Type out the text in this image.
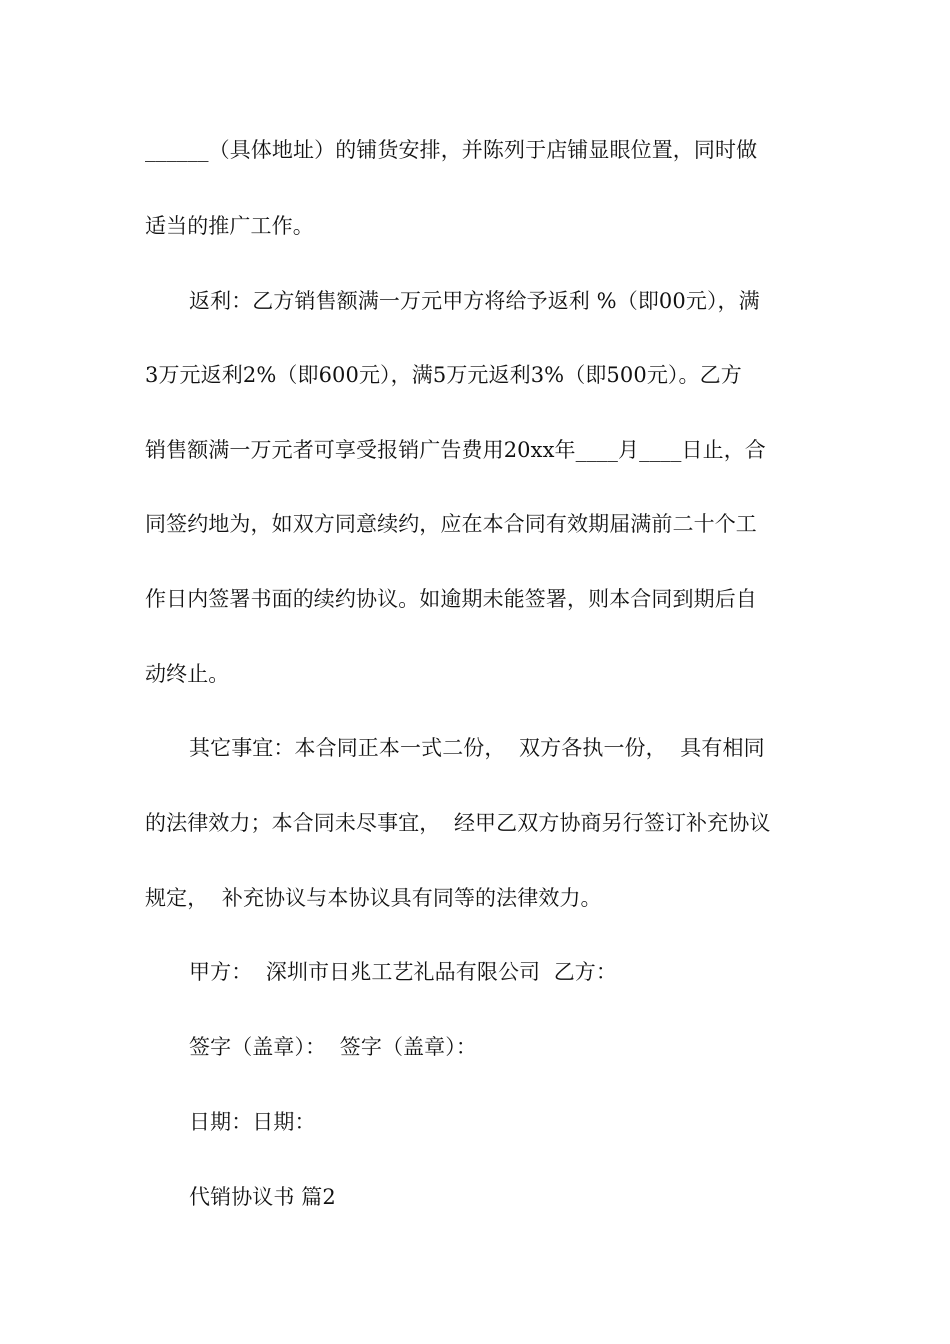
______（具体地址）的铺货安排，并陈列于店铺显眼位置，同时做
适当的推广工作。
返利：乙方销售额满一万元甲方将给予返利 %（即00元），满
3万元返利2%（即600元），满5万元返利3%（即500元）。乙方
销售额满一万元者可享受报销广告费用20xx年____月____日止，合
同签约地为，如双方同意续约，应在本合同有效期届满前二十个工
作日内签署书面的续约协议。如逾期未能签署，则本合同到期后自
动终止。
其它事宜：本合同正本一式二份，  双方各执一份，  具有相同
的法律效力；本合同未尽事宜，  经甲乙双方协商另行签订补充协议
规定，  补充协议与本协议具有同等的法律效力。
甲方：  深圳市日兆工艺礼品有限公司  乙方：
签字（盖章）：  签字（盖章）：
日期：日期：
代销协议书 篇2
